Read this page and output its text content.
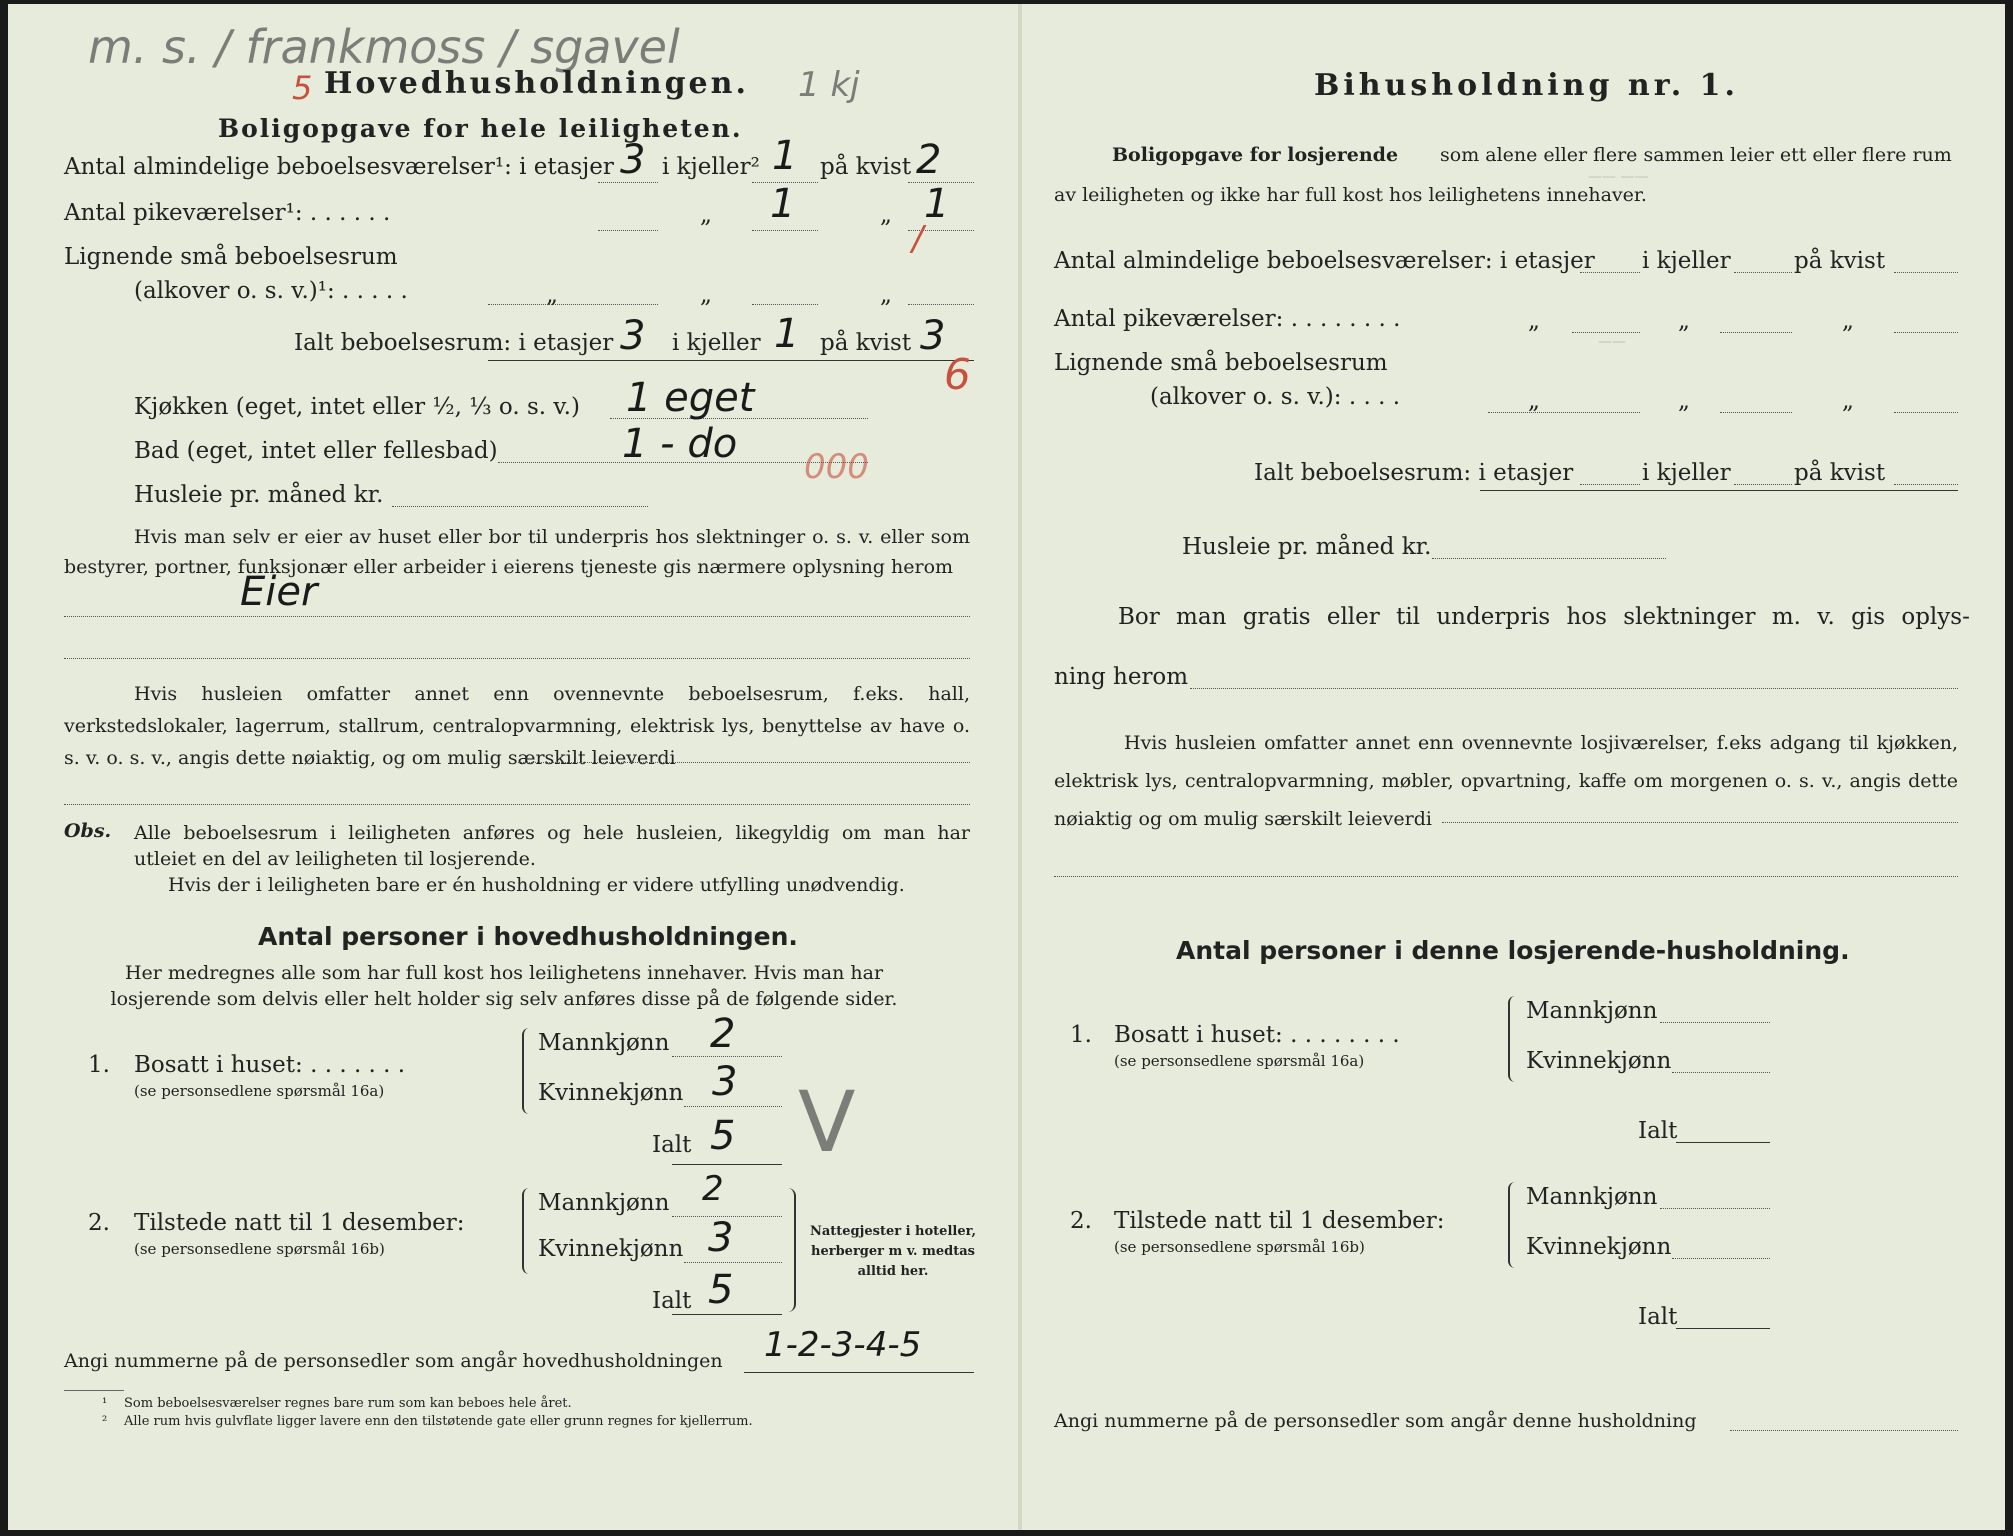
—— ——
——
m. s. / frankmoss / sgavel
5 Hovedhusholdningen. 1 kj
Boligopgave for hele leiligheten.
Antal almindelige beboelsesværelser¹: i etasjer 3 i kjeller² 1 på kvist 2
Antal pikeværelser¹: . . . . . .	„ 1	„ 1
/
Lignende små beboelsesrum
(alkover o. s. v.)¹: . . . . .	„	„	„
Ialt beboelsesrum: i etasjer 3 i kjeller 1 på kvist 3
6
Kjøkken (eget, intet eller ½, ⅓ o. s. v.) 1 eget
Bad (eget, intet eller fellesbad)	1 - do 000
Husleie pr. måned kr.
Hvis man selv er eier av huset eller bor til underpris hos slektninger o. s. v. eller som bestyrer, portner, funksjonær eller arbeider i eierens tjeneste gis nærmere oplysning herom
Eier
Hvis husleien omfatter annet enn ovennevnte beboelsesrum, f.eks. hall, verkstedslokaler, lagerrum, stallrum, centralopvarmning, elektrisk lys, benyttelse av have o. s. v. o. s. v., angis dette nøiaktig, og om mulig særskilt leieverdi
Obs. Alle beboelsesrum i leiligheten anføres og hele husleien, likegyldig om man har utleiet en del av leiligheten til losjerende.
Hvis der i leiligheten bare er én husholdning er videre utfylling unødvendig.
Antal personer i hovedhusholdningen.
Her medregnes alle som har full kost hos leilighetens innehaver. Hvis man har losjerende som delvis eller helt holder sig selv anføres disse på de følgende sider.
1. Bosatt i huset: . . . . . . .
(se personsedlene spørsmål 16a)
Mannkjønn 2
Kvinnekjønn 3
Ialt 5 V
2. Tilstede natt til 1 desember:
(se personsedlene spørsmål 16b)
Mannkjønn 2
Kvinnekjønn 3
Ialt 5
Nattegjester i hoteller, herberger m v. medtas alltid her.
Angi nummerne på de personsedler som angår hovedhusholdningen 1-2-3-4-5
¹ Som beboelsesværelser regnes bare rum som kan beboes hele året.
² Alle rum hvis gulvflate ligger lavere enn den tilstøtende gate eller grunn regnes for kjellerrum.
Bihusholdning nr. 1.
Boligopgave for losjerende som alene eller flere sammen leier ett eller flere rum
av leiligheten og ikke har full kost hos leilighetens innehaver.
Antal almindelige beboelsesværelser: i etasjer i kjeller	på kvist
Antal pikeværelser: . . . . . . . .	„	„	„
Lignende små beboelsesrum
(alkover o. s. v.): . . . .	„	„	„
Ialt beboelsesrum: i etasjer	i kjeller	på kvist
Husleie pr. måned kr.
Bor man gratis eller til underpris hos slektninger m. v. gis oplys-
ning herom
Hvis husleien omfatter annet enn ovennevnte losjiværelser, f.eks adgang til kjøkken, elektrisk lys, centralopvarmning, møbler, opvartning, kaffe om morgenen o. s. v., angis dette nøiaktig og om mulig særskilt leieverdi
Antal personer i denne losjerende-husholdning.
1. Bosatt i huset: . . . . . . . .
(se personsedlene spørsmål 16a)
Mannkjønn
Kvinnekjønn
Ialt
2. Tilstede natt til 1 desember:
(se personsedlene spørsmål 16b)
Mannkjønn
Kvinnekjønn
Ialt
Angi nummerne på de personsedler som angår denne husholdning
